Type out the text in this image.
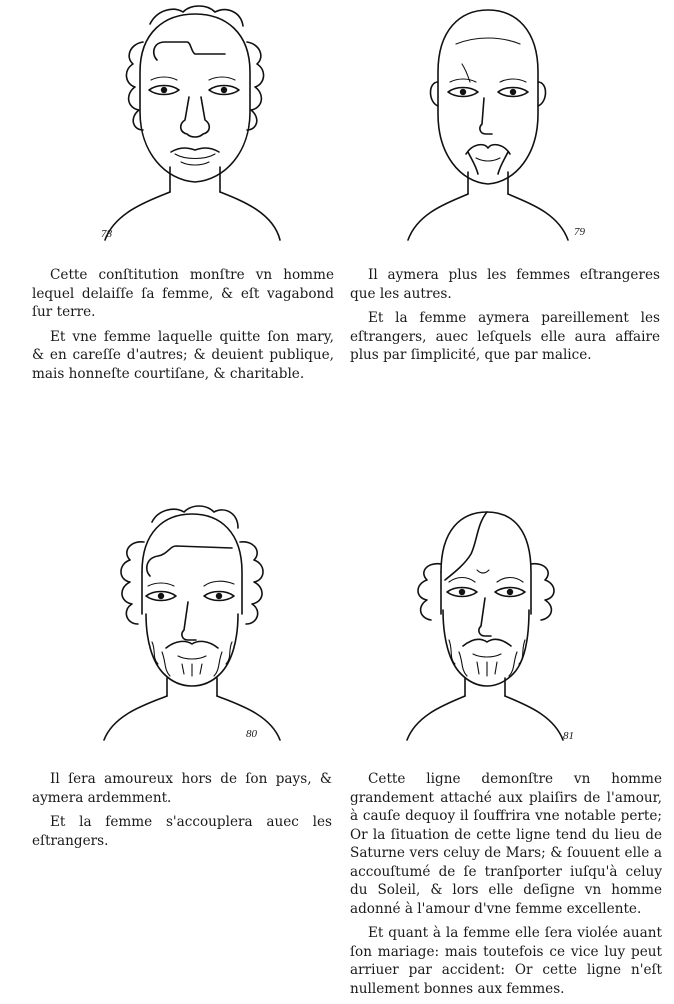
78	79

Cette conſtitution monſtre vn homme lequel delaiſſe ſa femme, & eſt vagabond ſur terre.

Et vne femme laquelle quitte ſon mary, & en careſſe d'autres; & deuient publique, mais honneſte courtiſane, & charitable.

Il aymera plus les femmes eſtrangeres que les autres.

Et la femme aymera pareillement les eſtrangers, auec leſquels elle aura affaire plus par ſimplicité, que par malice.

80	81

Il ſera amoureux hors de ſon pays, & aymera ardemment.

Et la femme s'accouplera auec les eſtrangers.

Cette ligne demonſtre vn homme grandement attaché aux plaiſirs de l'amour, à cauſe dequoy il ſouffrira vne notable perte; Or la ſituation de cette ligne tend du lieu de Saturne vers celuy de Mars; & ſouuent elle a accouſtumé de ſe tranſporter iuſqu'à celuy du Soleil, & lors elle deſigne vn homme adonné à l'amour d'vne femme excellente.

Et quant à la femme elle ſera violée auant ſon mariage: mais toutefois ce vice luy peut arriuer par accident: Or cette ligne n'eſt nullement bonnes aux femmes.
